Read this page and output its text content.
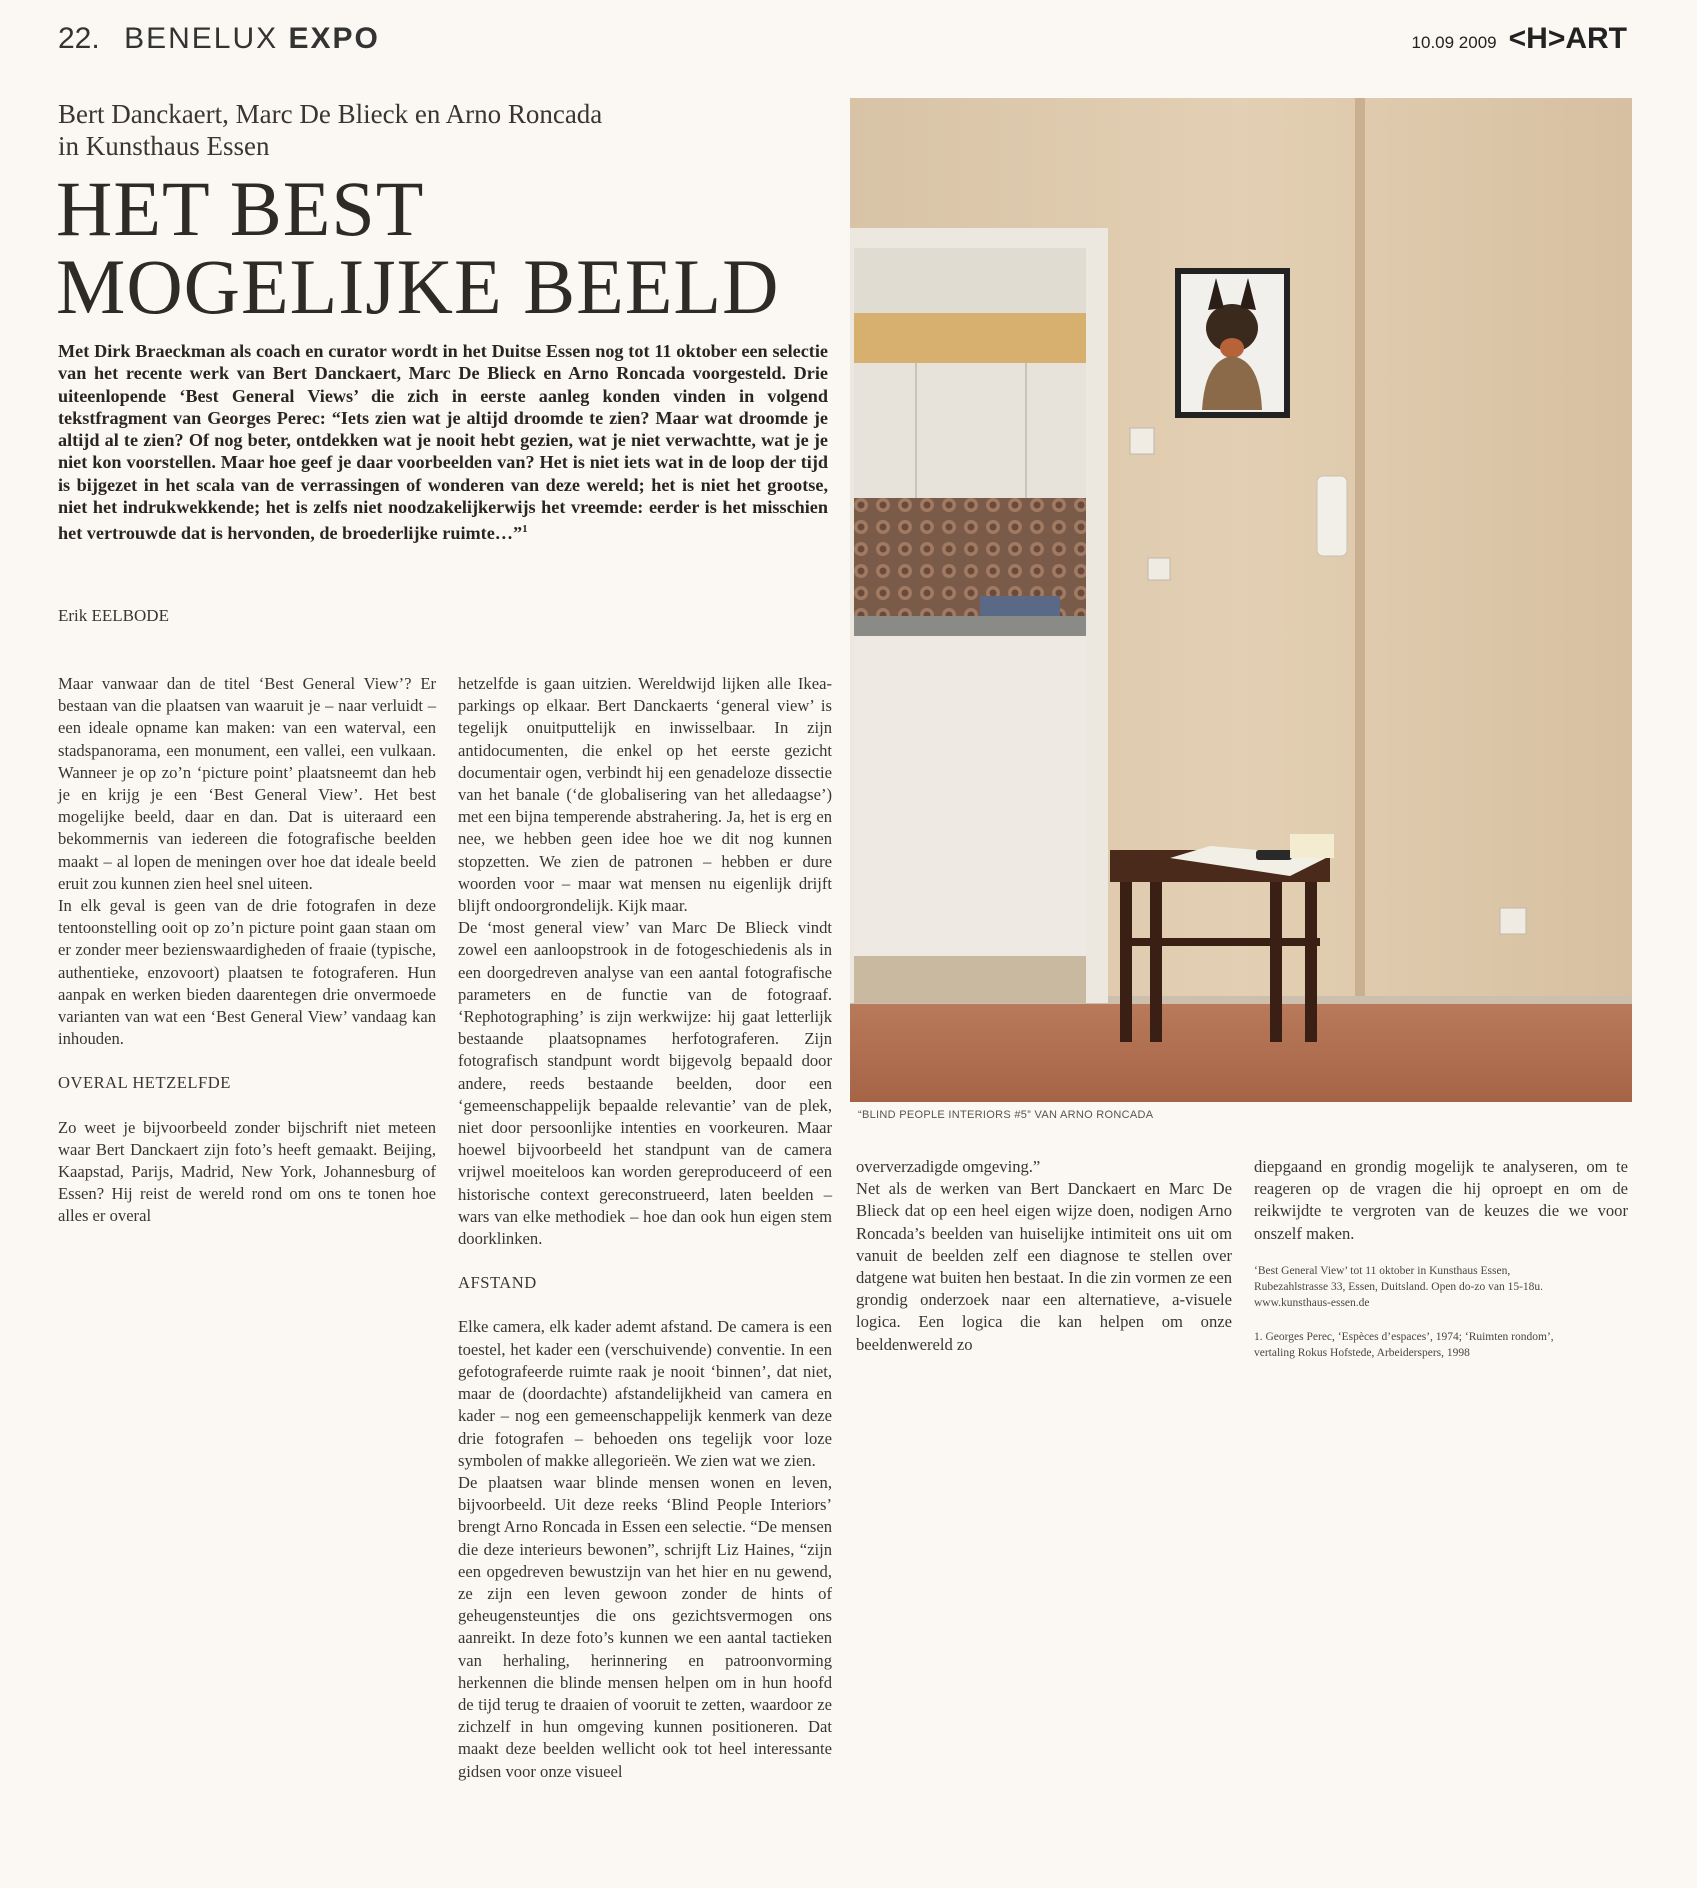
22. BENELUX EXPO	10.09 2009 <H>ART
Bert Danckaert, Marc De Blieck en Arno Roncada
in Kunsthaus Essen
HET BEST
MOGELIJKE BEELD

Met Dirk Braeckman als coach en curator wordt in het Duitse Essen nog tot 11 oktober een selectie van het recente werk van Bert Danckaert, Marc De Blieck en Arno Roncada voorgesteld. Drie uiteenlopende ‘Best General Views’ die zich in eerste aanleg konden vinden in volgend tekstfragment van Georges Perec: “Iets zien wat je altijd droomde te zien? Maar wat droomde je altijd al te zien? Of nog beter, ontdekken wat je nooit hebt gezien, wat je niet verwachtte, wat je je niet kon voorstellen. Maar hoe geef je daar voorbeelden van? Het is niet iets wat in de loop der tijd is bijgezet in het scala van de verrassingen of wonderen van deze wereld; het is niet het grootse, niet het indrukwekkende; het is zelfs niet noodzakelijkerwijs het vreemde: eerder is het misschien het vertrouwde dat is hervonden, de broederlijke ruimte…”$^1$

“BLIND PEOPLE INTERIORS #5” VAN ARNO RONCADA
Erik EELBODE

Maar vanwaar dan de titel ‘Best General View’? Er bestaan van die plaatsen van waaruit je – naar verluidt – een ideale opname kan maken: van een waterval, een stadspanorama, een monument, een vallei, een vulkaan. Wanneer je op zo’n ‘picture point’ plaatsneemt dan heb je en krijg je een ‘Best General View’. Het best mogelijke beeld, daar en dan. Dat is uiteraard een bekommernis van iedereen die fotografische beelden maakt – al lopen de meningen over hoe dat ideale beeld eruit zou kunnen zien heel snel uiteen.

In elk geval is geen van de drie fotografen in deze tentoonstelling ooit op zo’n picture point gaan staan om er zonder meer bezienswaardigheden of fraaie (typische, authentieke, enzovoort) plaatsen te fotograferen. Hun aanpak en werken bieden daarentegen drie onvermoede varianten van wat een ‘Best General View’ vandaag kan inhouden.

OVERAL HETZELFDE

Zo weet je bijvoorbeeld zonder bijschrift niet meteen waar Bert Danckaert zijn foto’s heeft gemaakt. Beijing, Kaapstad, Parijs, Madrid, New York, Johannesburg of Essen? Hij reist de wereld rond om ons te tonen hoe alles er overal

hetzelfde is gaan uitzien. Wereldwijd lijken alle Ikea-parkings op elkaar. Bert Danckaerts ‘general view’ is tegelijk onuitputtelijk en inwisselbaar. In zijn antidocumenten, die enkel op het eerste gezicht documentair ogen, verbindt hij een genadeloze dissectie van het banale (‘de globalisering van het alledaagse’) met een bijna temperende abstrahering. Ja, het is erg en nee, we hebben geen idee hoe we dit nog kunnen stopzetten. We zien de patronen – hebben er dure woorden voor – maar wat mensen nu eigenlijk drijft blijft ondoorgrondelijk. Kijk maar.

De ‘most general view’ van Marc De Blieck vindt zowel een aanloopstrook in de fotogeschiedenis als in een doorgedreven analyse van een aantal fotografische parameters en de functie van de fotograaf. ‘Rephotographing’ is zijn werkwijze: hij gaat letterlijk bestaande plaatsopnames herfotograferen. Zijn fotografisch standpunt wordt bijgevolg bepaald door andere, reeds bestaande beelden, door een ‘gemeenschappelijk bepaalde relevantie’ van de plek, niet door persoonlijke intenties en voorkeuren. Maar hoewel bijvoorbeeld het standpunt van de camera vrijwel moeiteloos kan worden gereproduceerd of een historische context gereconstrueerd, laten beelden – wars van elke methodiek – hoe dan ook hun eigen stem doorklinken.

AFSTAND

Elke camera, elk kader ademt afstand. De camera is een toestel, het kader een (verschuivende) conventie. In een gefotografeerde ruimte raak je nooit ‘binnen’, dat niet, maar de (doordachte) afstandelijkheid van camera en kader – nog een gemeenschappelijk kenmerk van deze drie fotografen – behoeden ons tegelijk voor loze symbolen of makke allegorieën. We zien wat we zien.

De plaatsen waar blinde mensen wonen en leven, bijvoorbeeld. Uit deze reeks ‘Blind People Interiors’ brengt Arno Roncada in Essen een selectie. “De mensen die deze interieurs bewonen”, schrijft Liz Haines, “zijn een opgedreven bewustzijn van het hier en nu gewend, ze zijn een leven gewoon zonder de hints of geheugensteuntjes die ons gezichtsvermogen ons aanreikt. In deze foto’s kunnen we een aantal tactieken van herhaling, herinnering en patroonvorming herkennen die blinde mensen helpen om in hun hoofd de tijd terug te draaien of vooruit te zetten, waardoor ze zichzelf in hun omgeving kunnen positioneren. Dat maakt deze beelden wellicht ook tot heel interessante gidsen voor onze visueel

oververzadigde omgeving.”

Net als de werken van Bert Danckaert en Marc De Blieck dat op een heel eigen wijze doen, nodigen Arno Roncada’s beelden van huiselijke intimiteit ons uit om vanuit de beelden zelf een diagnose te stellen over datgene wat buiten hen bestaat. In die zin vormen ze een grondig onderzoek naar een alternatieve, a-visuele logica. Een logica die kan helpen om onze beeldenwereld zo

diepgaand en grondig mogelijk te analyseren, om te reageren op de vragen die hij oproept en om de reikwijdte te vergroten van de keuzes die we voor onszelf maken.

‘Best General View’ tot 11 oktober in Kunsthaus Essen,
Rubezahlstrasse 33, Essen, Duitsland. Open do-zo van 15-18u.
www.kunsthaus-essen.de
1. Georges Perec, ‘Espèces d’espaces’, 1974; ‘Ruimten rondom’,
vertaling Rokus Hofstede, Arbeiderspers, 1998
